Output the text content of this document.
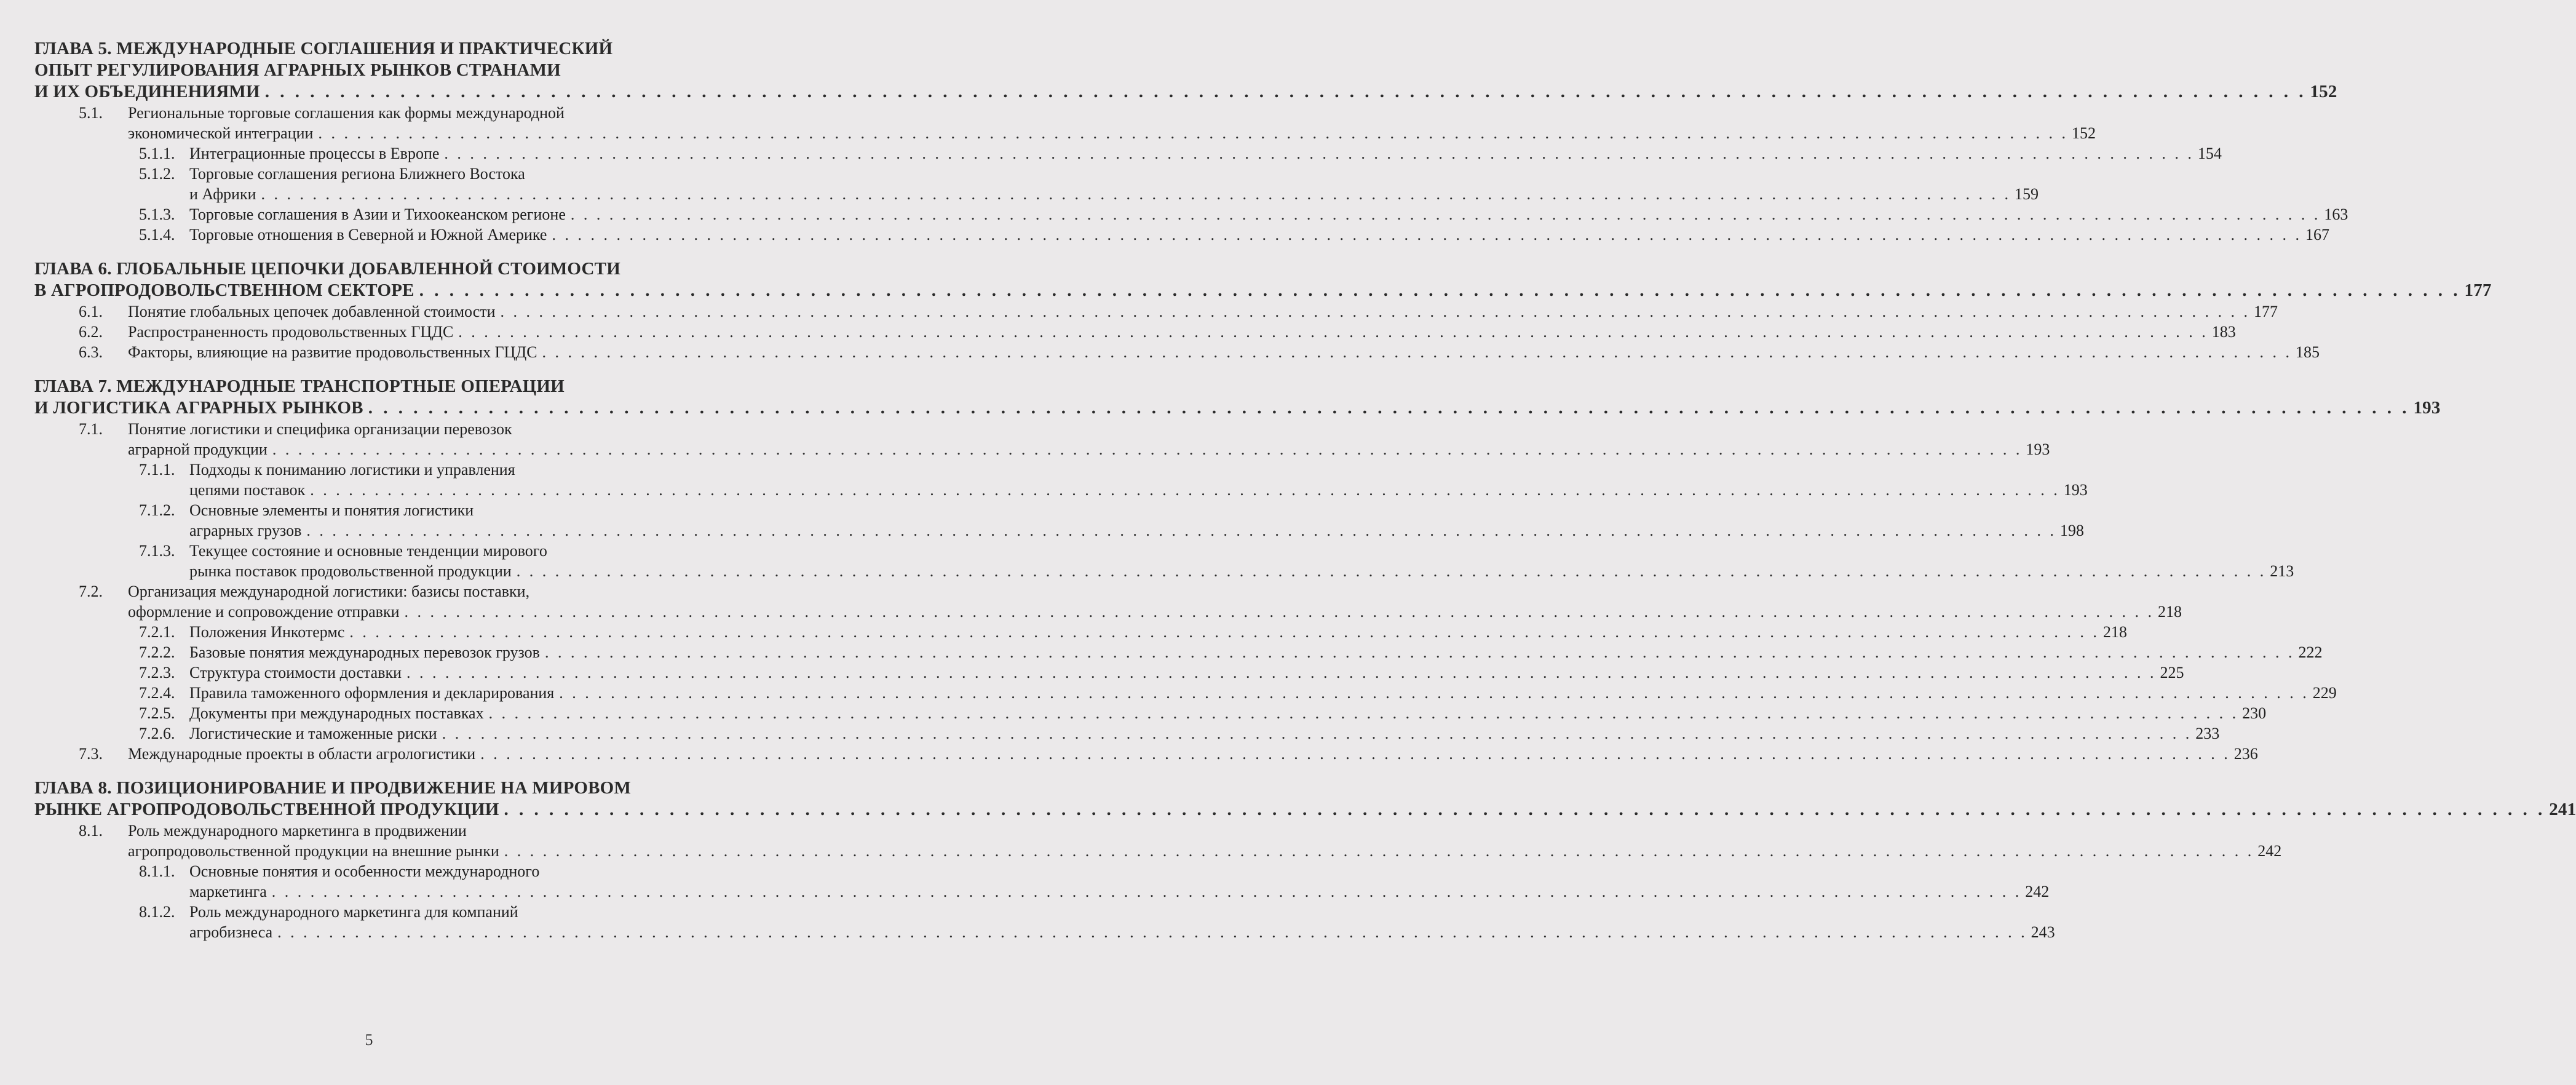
ГЛАВА 5. МЕЖДУНАРОДНЫЕ СОГЛАШЕНИЯ И ПРАКТИЧЕСКИЙ
ОПЫТ РЕГУЛИРОВАНИЯ АГРАРНЫХ РЫНКОВ СТРАНАМИ
И ИХ ОБЪЕДИНЕНИЯМИ . . .	152
5.1.	Региональные торговые соглашения как формы международной
экономической интеграции . . .	152
5.1.1. Интеграционные процессы в Европе . . .	154
5.1.2. Торговые соглашения региона Ближнего Востока
и Африки . . .	159
5.1.3. Торговые соглашения в Азии и Тихоокеанском регионе . . .	163
5.1.4. Торговые отношения в Северной и Южной Америке . . .	167
ГЛАВА 6. ГЛОБАЛЬНЫЕ ЦЕПОЧКИ ДОБАВЛЕННОЙ СТОИМОСТИ
В АГРОПРОДОВОЛЬСТВЕННОМ СЕКТОРЕ . . .	177
6.1.	Понятие глобальных цепочек добавленной стоимости . . .	177
6.2.	Распространенность продовольственных ГЦДС . . .	183
6.3.	Факторы, влияющие на развитие продовольственных ГЦДС . . .	185
ГЛАВА 7. МЕЖДУНАРОДНЫЕ ТРАНСПОРТНЫЕ ОПЕРАЦИИ
И ЛОГИСТИКА АГРАРНЫХ РЫНКОВ . . .	193
7.1.	Понятие логистики и специфика организации перевозок
аграрной продукции . . .	193
7.1.1. Подходы к пониманию логистики и управления
цепями поставок . . .	193
7.1.2. Основные элементы и понятия логистики
аграрных грузов . . .	198
7.1.3. Текущее состояние и основные тенденции мирового
рынка поставок продовольственной продукции . . .	213
7.2.	Организация международной логистики: базисы поставки,
оформление и сопровождение отправки . . .	218
7.2.1. Положения Инкотермс . . .	218
7.2.2. Базовые понятия международных перевозок грузов . . .	222
7.2.3. Структура стоимости доставки . . .	225
7.2.4. Правила таможенного оформления и декларирования . . .	229
7.2.5. Документы при международных поставках . . .	230
7.2.6. Логистические и таможенные риски . . .	233
7.3.	Международные проекты в области агрологистики . . .	236
ГЛАВА 8. ПОЗИЦИОНИРОВАНИЕ И ПРОДВИЖЕНИЕ НА МИРОВОМ
РЫНКЕ АГРОПРОДОВОЛЬСТВЕННОЙ ПРОДУКЦИИ . . .	241
8.1.	Роль международного маркетинга в продвижении
агропродовольственной продукции на внешние рынки . . .	242
8.1.1. Основные понятия и особенности международного
маркетинга . . .	242
8.1.2. Роль международного маркетинга для компаний
агробизнеса . . .	243
5
